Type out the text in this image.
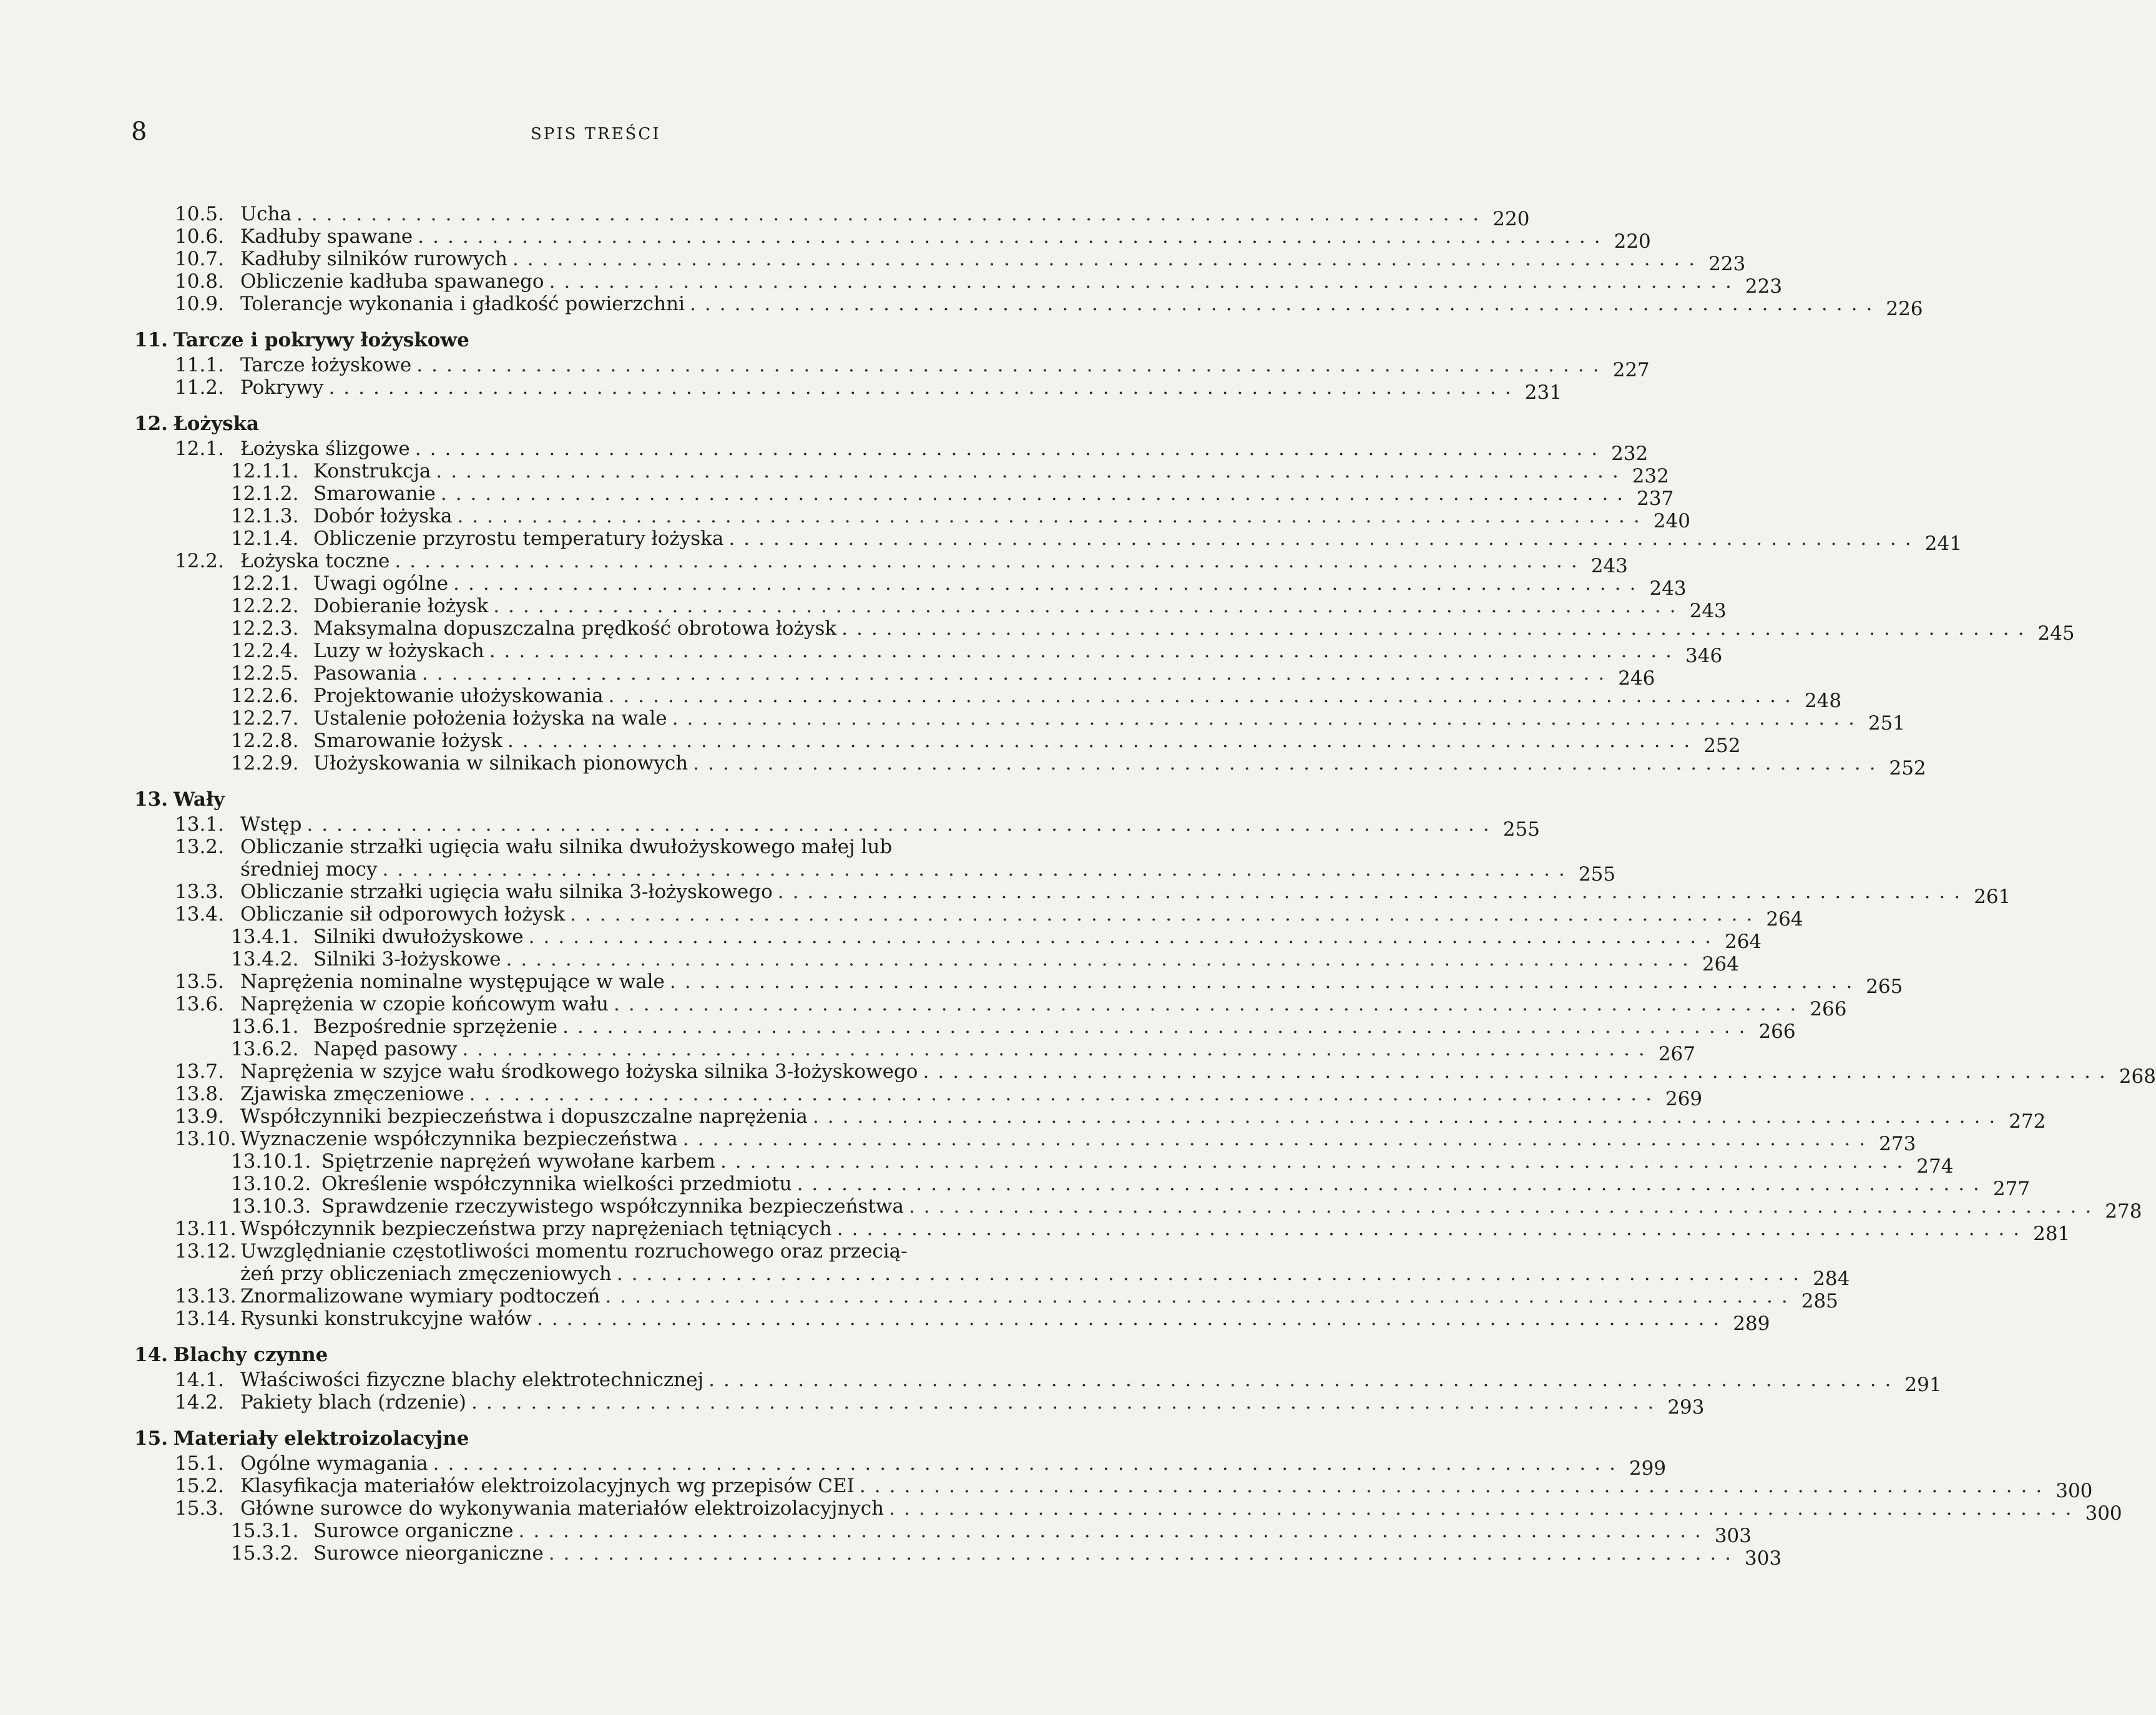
8	SPIS TREŚCI
10.5. Ucha ................................................................................ 220
10.6. Kadłuby spawane ................................................................................ 220
10.7. Kadłuby silników rurowych ................................................................................ 223
10.8. Obliczenie kadłuba spawanego ................................................................................ 223
10.9. Tolerancje wykonania i gładkość powierzchni ................................................................................ 226
11. Tarcze i pokrywy łożyskowe
11.1. Tarcze łożyskowe ................................................................................ 227
11.2. Pokrywy ................................................................................ 231
12. Łożyska
12.1. Łożyska ślizgowe ................................................................................ 232
12.1.1. Konstrukcja ................................................................................ 232
12.1.2. Smarowanie ................................................................................ 237
12.1.3. Dobór łożyska ................................................................................ 240
12.1.4. Obliczenie przyrostu temperatury łożyska ................................................................................ 241
12.2. Łożyska toczne ................................................................................ 243
12.2.1. Uwagi ogólne ................................................................................ 243
12.2.2. Dobieranie łożysk ................................................................................ 243
12.2.3. Maksymalna dopuszczalna prędkość obrotowa łożysk ................................................................................ 245
12.2.4. Luzy w łożyskach ................................................................................ 346
12.2.5. Pasowania ................................................................................ 246
12.2.6. Projektowanie ułożyskowania ................................................................................ 248
12.2.7. Ustalenie położenia łożyska na wale ................................................................................ 251
12.2.8. Smarowanie łożysk ................................................................................ 252
12.2.9. Ułożyskowania w silnikach pionowych ................................................................................ 252
13. Wały
13.1. Wstęp ................................................................................ 255
13.2. Obliczanie strzałki ugięcia wału silnika dwułożyskowego małej lub
średniej mocy ................................................................................ 255
13.3. Obliczanie strzałki ugięcia wału silnika 3-łożyskowego ................................................................................ 261
13.4. Obliczanie sił odporowych łożysk ................................................................................ 264
13.4.1. Silniki dwułożyskowe ................................................................................ 264
13.4.2. Silniki 3-łożyskowe ................................................................................ 264
13.5. Naprężenia nominalne występujące w wale ................................................................................ 265
13.6. Naprężenia w czopie końcowym wału ................................................................................ 266
13.6.1. Bezpośrednie sprzężenie ................................................................................ 266
13.6.2. Napęd pasowy ................................................................................ 267
13.7. Naprężenia w szyjce wału środkowego łożyska silnika 3-łożyskowego ................................................................................ 268
13.8. Zjawiska zmęczeniowe ................................................................................ 269
13.9. Współczynniki bezpieczeństwa i dopuszczalne naprężenia ................................................................................ 272
13.10. Wyznaczenie współczynnika bezpieczeństwa ................................................................................ 273
13.10.1. Spiętrzenie naprężeń wywołane karbem ................................................................................ 274
13.10.2. Określenie współczynnika wielkości przedmiotu ................................................................................ 277
13.10.3. Sprawdzenie rzeczywistego współczynnika bezpieczeństwa ................................................................................ 278
13.11. Współczynnik bezpieczeństwa przy naprężeniach tętniących ................................................................................ 281
13.12. Uwzględnianie częstotliwości momentu rozruchowego oraz przecią-
żeń przy obliczeniach zmęczeniowych ................................................................................ 284
13.13. Znormalizowane wymiary podtoczeń ................................................................................ 285
13.14. Rysunki konstrukcyjne wałów ................................................................................ 289
14. Blachy czynne
14.1. Właściwości fizyczne blachy elektrotechnicznej ................................................................................ 291
14.2. Pakiety blach (rdzenie) ................................................................................ 293
15. Materiały elektroizolacyjne
15.1. Ogólne wymagania ................................................................................ 299
15.2. Klasyfikacja materiałów elektroizolacyjnych wg przepisów CEI ................................................................................ 300
15.3. Główne surowce do wykonywania materiałów elektroizolacyjnych ................................................................................ 300
15.3.1. Surowce organiczne ................................................................................ 303
15.3.2. Surowce nieorganiczne ................................................................................ 303
